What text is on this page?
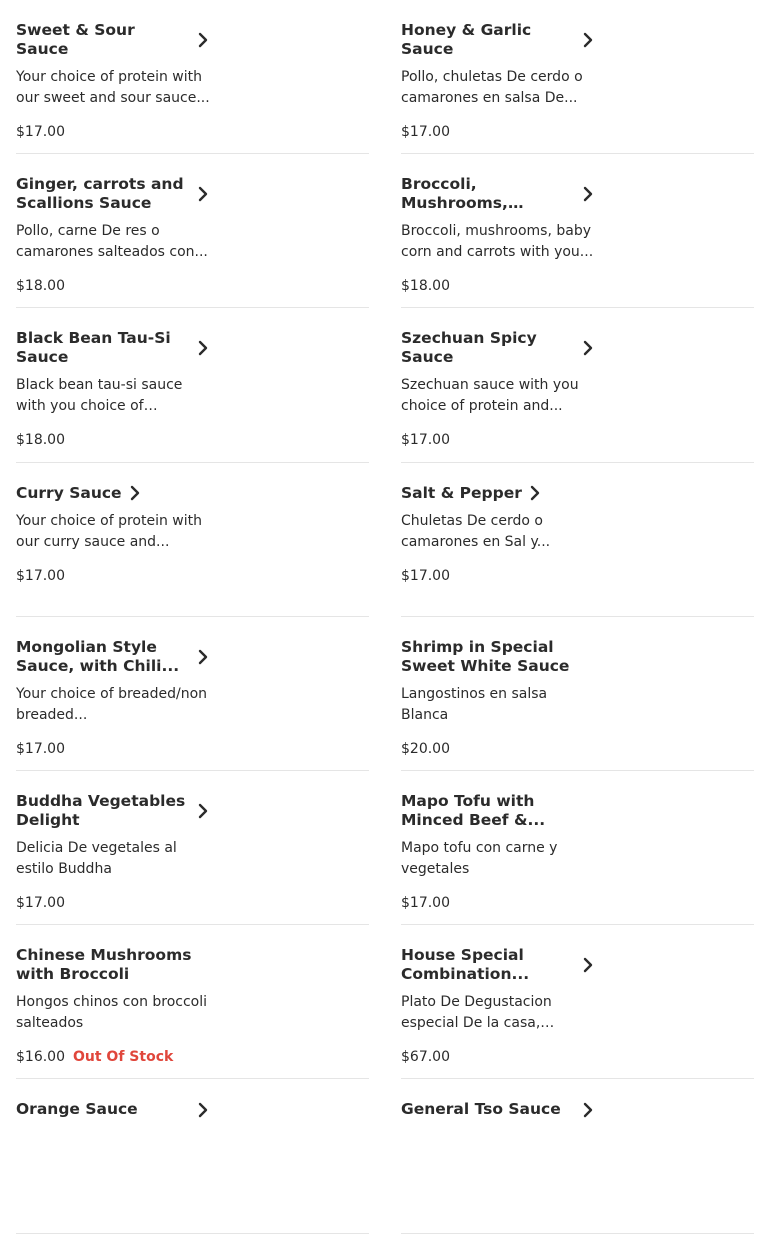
Sweet & Sour Sauce
Your choice of protein with our sweet and sour sauce...
$17.00
Honey & Garlic Sauce
Pollo, chuletas De cerdo o camarones en salsa De...
$17.00
Ginger, carrots and Scallions Sauce
Pollo, carne De res o camarones salteados con...
$18.00
Broccoli, Mushrooms,
Broccoli, mushrooms, baby corn and carrots with you...
$18.00
Black Bean Tau-Si Sauce
Black bean tau-si sauce with you choice of
$18.00
Szechuan Spicy Sauce
Szechuan sauce with you choice of protein and...
$17.00
Curry Sauce
Your choice of protein with our curry sauce and...
$17.00
Salt & Pepper
Chuletas De cerdo o camarones en Sal y...
$17.00
Mongolian Style Sauce, with Chili...
Your choice of breaded/non breaded...
$17.00
Shrimp in Special Sweet White Sauce
Langostinos en salsa Blanca
$20.00
Buddha Vegetables Delight
Delicia De vegetales al estilo Buddha
$17.00
Mapo Tofu with Minced Beef &...
Mapo tofu con carne y vegetales
$17.00
Chinese Mushrooms with Broccoli
Hongos chinos con broccoli salteados
$16.00 Out Of Stock
House Special Combination...
Plato De Degustacion especial De la casa,
$67.00
Orange Sauce	General Tso Sauce
